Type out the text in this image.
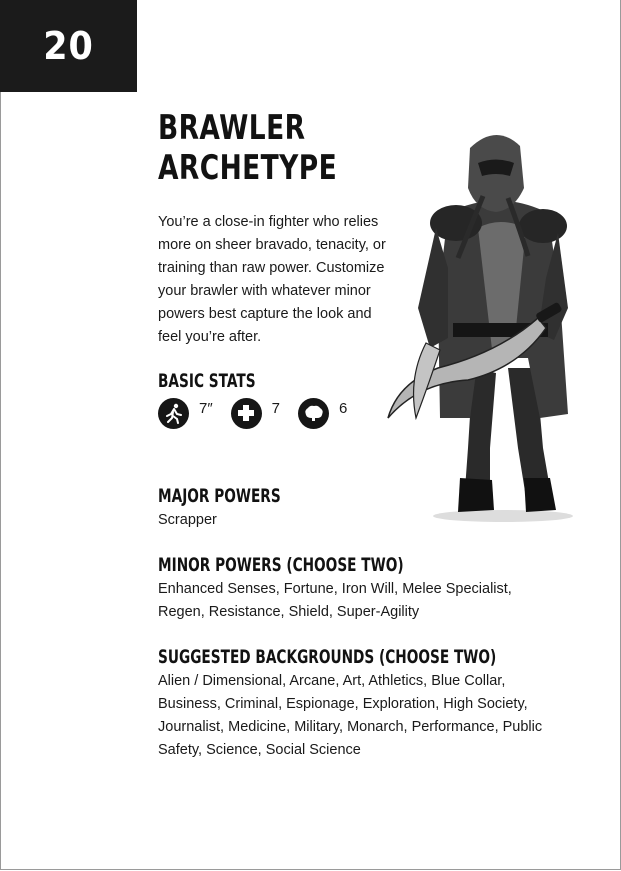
20
BRAWLER
ARCHETYPE

You’re a close-in fighter who relies more on sheer bravado, tenacity, or training than raw power. Customize your brawler with whatever minor powers best capture the look and feel you’re after.

BASIC STATS
7″	7	6
MAJOR POWERS

Scrapper

MINOR POWERS (CHOOSE TWO)

Enhanced Senses, Fortune, Iron Will, Melee Specialist, Regen, Resistance, Shield, Super-Agility

SUGGESTED BACKGROUNDS (CHOOSE TWO)

Alien / Dimensional, Arcane, Art, Athletics, Blue Collar, Business, Criminal, Espionage, Exploration, High Society, Journalist, Medicine, Military, Monarch, Performance, Public Safety, Science, Social Science
